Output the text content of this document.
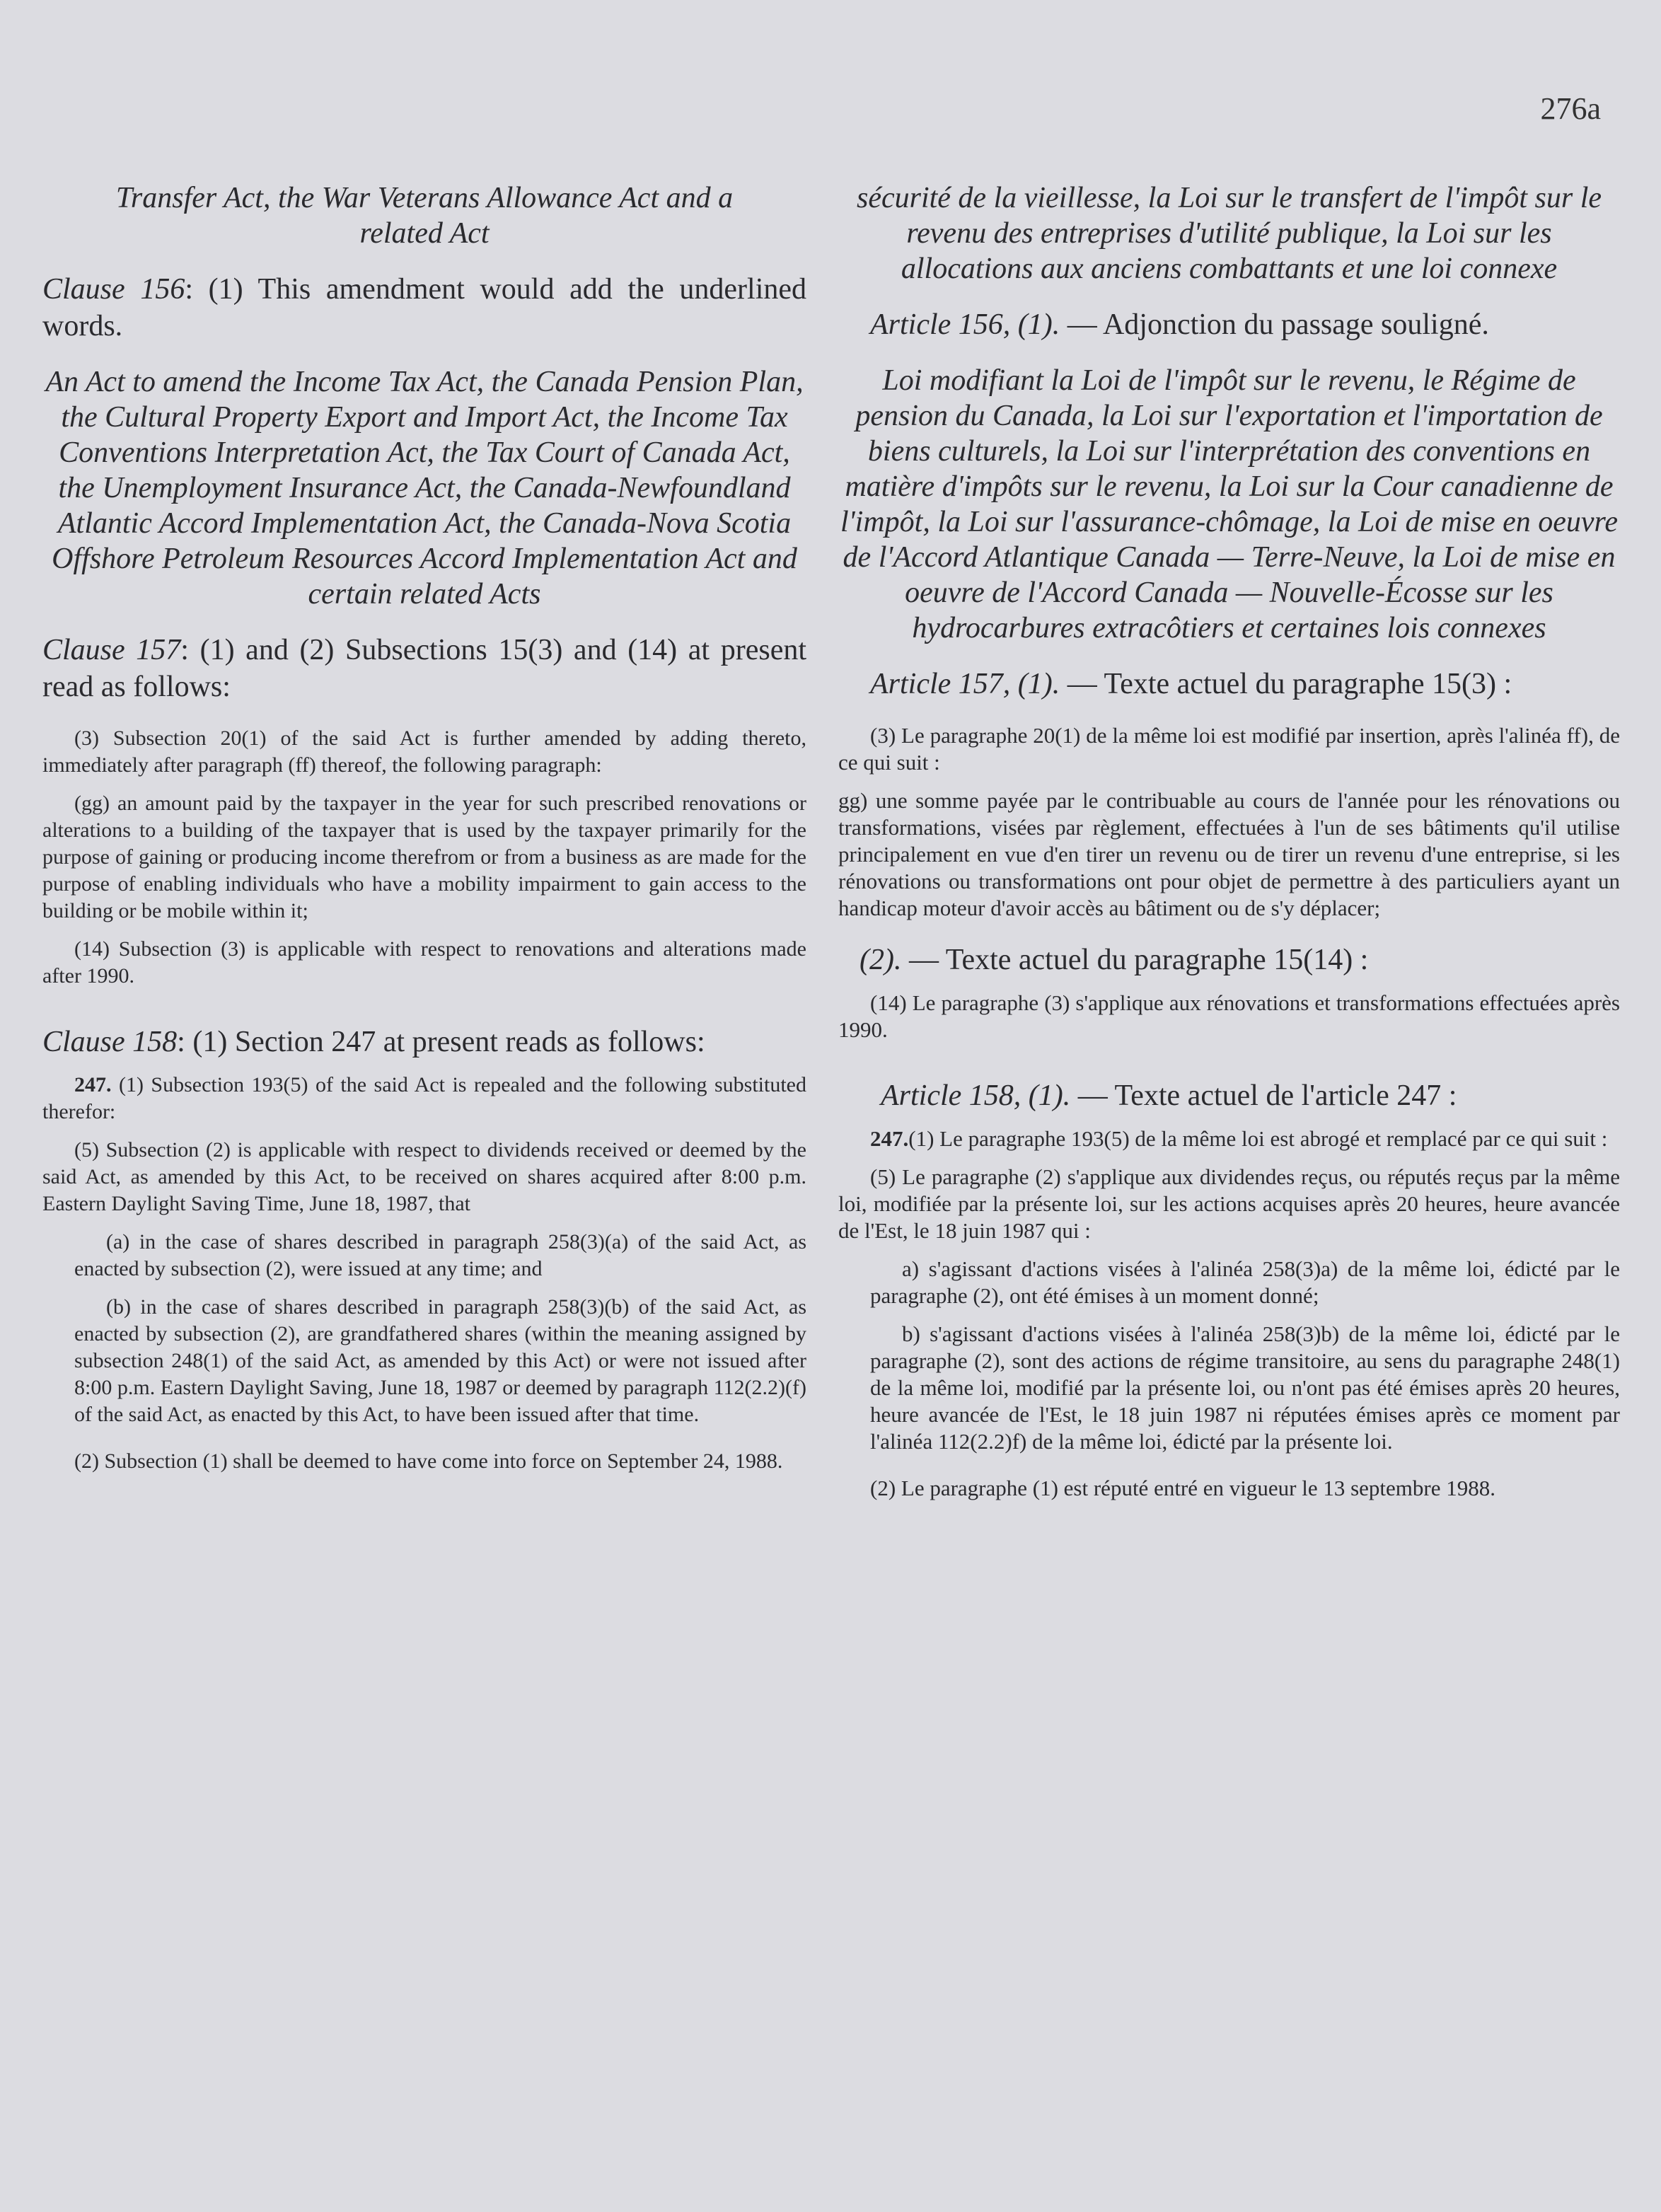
276a

Transfer Act, the War Veterans Allowance Act and a related Act

Clause 156: (1) This amendment would add the underlined words.

An Act to amend the Income Tax Act, the Canada Pension Plan, the Cultural Property Export and Import Act, the Income Tax Conventions Interpretation Act, the Tax Court of Canada Act, the Unemployment Insurance Act, the Canada-Newfoundland Atlantic Accord Implementation Act, the Canada-Nova Scotia Offshore Petroleum Resources Accord Implementation Act and certain related Acts

Clause 157: (1) and (2) Subsections 15(3) and (14) at present read as follows:

(3) Subsection 20(1) of the said Act is further amended by adding thereto, immediately after paragraph (ff) thereof, the following paragraph:

(gg) an amount paid by the taxpayer in the year for such prescribed renovations or alterations to a building of the taxpayer that is used by the taxpayer primarily for the purpose of gaining or producing income therefrom or from a business as are made for the purpose of enabling individuals who have a mobility impairment to gain access to the building or be mobile within it;

(14) Subsection (3) is applicable with respect to renovations and alterations made after 1990.

Clause 158: (1) Section 247 at present reads as follows:

247. (1) Subsection 193(5) of the said Act is repealed and the following substituted therefor:

(5) Subsection (2) is applicable with respect to dividends received or deemed by the said Act, as amended by this Act, to be received on shares acquired after 8:00 p.m. Eastern Daylight Saving Time, June 18, 1987, that

(a) in the case of shares described in paragraph 258(3)(a) of the said Act, as enacted by subsection (2), were issued at any time; and

(b) in the case of shares described in paragraph 258(3)(b) of the said Act, as enacted by subsection (2), are grandfathered shares (within the meaning assigned by subsection 248(1) of the said Act, as amended by this Act) or were not issued after 8:00 p.m. Eastern Daylight Saving, June 18, 1987 or deemed by paragraph 112(2.2)(f) of the said Act, as enacted by this Act, to have been issued after that time.

(2) Subsection (1) shall be deemed to have come into force on September 24, 1988.

sécurité de la vieillesse, la Loi sur le transfert de l'impôt sur le revenu des entreprises d'utilité publique, la Loi sur les allocations aux anciens combattants et une loi connexe

Article 156, (1). — Adjonction du passage souligné.

Loi modifiant la Loi de l'impôt sur le revenu, le Régime de pension du Canada, la Loi sur l'exportation et l'importation de biens culturels, la Loi sur l'interprétation des conventions en matière d'impôts sur le revenu, la Loi sur la Cour canadienne de l'impôt, la Loi sur l'assurance-chômage, la Loi de mise en oeuvre de l'Accord Atlantique Canada — Terre-Neuve, la Loi de mise en oeuvre de l'Accord Canada — Nouvelle-Écosse sur les hydrocarbures extracôtiers et certaines lois connexes

Article 157, (1). — Texte actuel du paragraphe 15(3) :

(3) Le paragraphe 20(1) de la même loi est modifié par insertion, après l'alinéa ff), de ce qui suit :

gg) une somme payée par le contribuable au cours de l'année pour les rénovations ou transformations, visées par règlement, effectuées à l'un de ses bâtiments qu'il utilise principalement en vue d'en tirer un revenu ou de tirer un revenu d'une entreprise, si les rénovations ou transformations ont pour objet de permettre à des particuliers ayant un handicap moteur d'avoir accès au bâtiment ou de s'y déplacer;

(2). — Texte actuel du paragraphe 15(14) :

(14) Le paragraphe (3) s'applique aux rénovations et transformations effectuées après 1990.

Article 158, (1). — Texte actuel de l'article 247 :

247.(1) Le paragraphe 193(5) de la même loi est abrogé et remplacé par ce qui suit :

(5) Le paragraphe (2) s'applique aux dividendes reçus, ou réputés reçus par la même loi, modifiée par la présente loi, sur les actions acquises après 20 heures, heure avancée de l'Est, le 18 juin 1987 qui :

a) s'agissant d'actions visées à l'alinéa 258(3)a) de la même loi, édicté par le paragraphe (2), ont été émises à un moment donné;

b) s'agissant d'actions visées à l'alinéa 258(3)b) de la même loi, édicté par le paragraphe (2), sont des actions de régime transitoire, au sens du paragraphe 248(1) de la même loi, modifié par la présente loi, ou n'ont pas été émises après 20 heures, heure avancée de l'Est, le 18 juin 1987 ni réputées émises après ce moment par l'alinéa 112(2.2)f) de la même loi, édicté par la présente loi.

(2) Le paragraphe (1) est réputé entré en vigueur le 13 septembre 1988.
